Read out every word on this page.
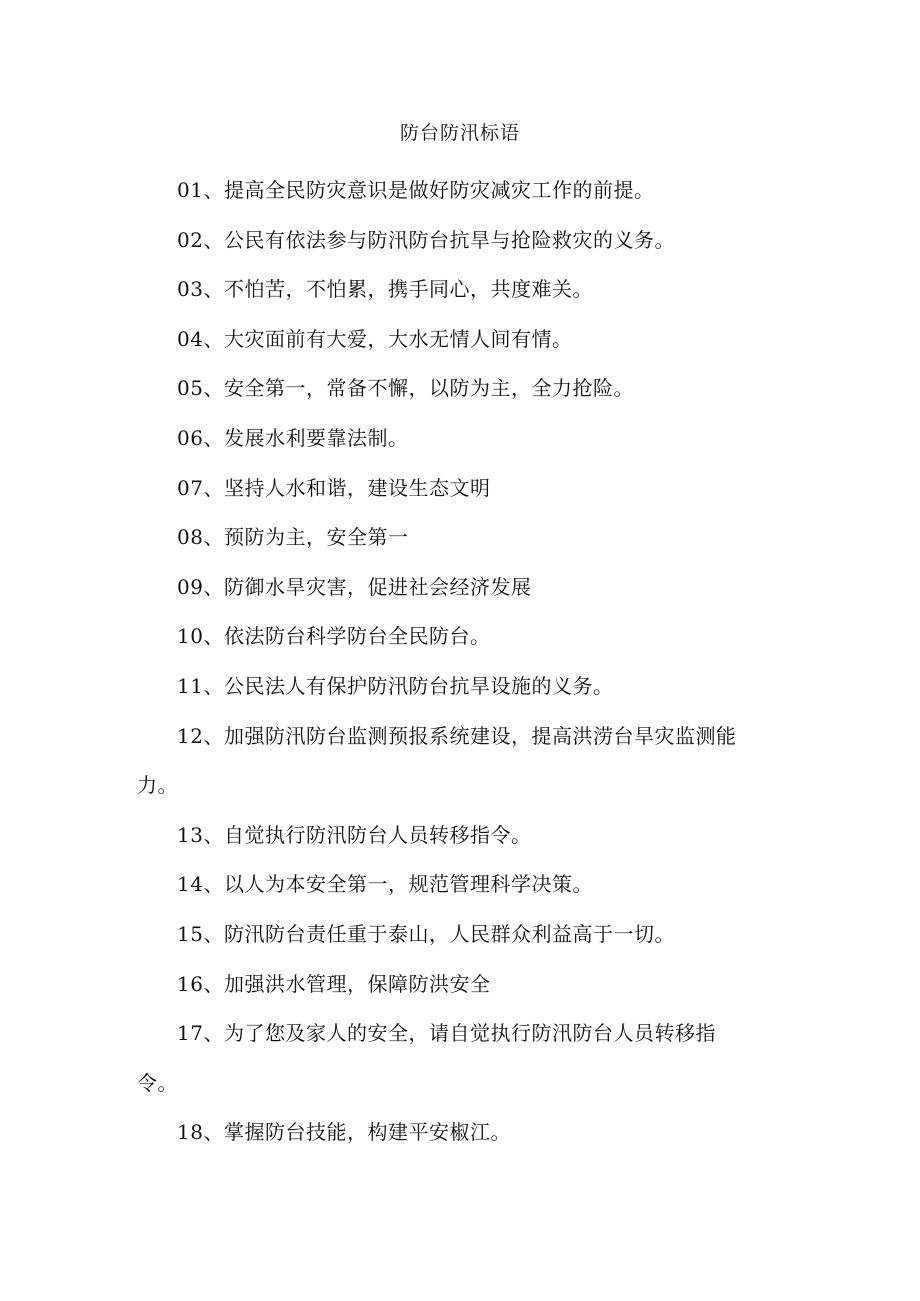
防台防汛标语
01、提高全民防灾意识是做好防灾减灾工作的前提。
02、公民有依法参与防汛防台抗旱与抢险救灾的义务。
03、不怕苦，不怕累，携手同心，共度难关。
04、大灾面前有大爱，大水无情人间有情。
05、安全第一，常备不懈，以防为主，全力抢险。
06、发展水利要靠法制。
07、坚持人水和谐，建设生态文明
08、预防为主，安全第一
09、防御水旱灾害，促进社会经济发展
10、依法防台科学防台全民防台。
11、公民法人有保护防汛防台抗旱设施的义务。
12、加强防汛防台监测预报系统建设，提高洪涝台旱灾监测能
力。
13、自觉执行防汛防台人员转移指令。
14、以人为本安全第一，规范管理科学决策。
15、防汛防台责任重于泰山，人民群众利益高于一切。
16、加强洪水管理，保障防洪安全
17、为了您及家人的安全，请自觉执行防汛防台人员转移指
令。
18、掌握防台技能，构建平安椒江。
